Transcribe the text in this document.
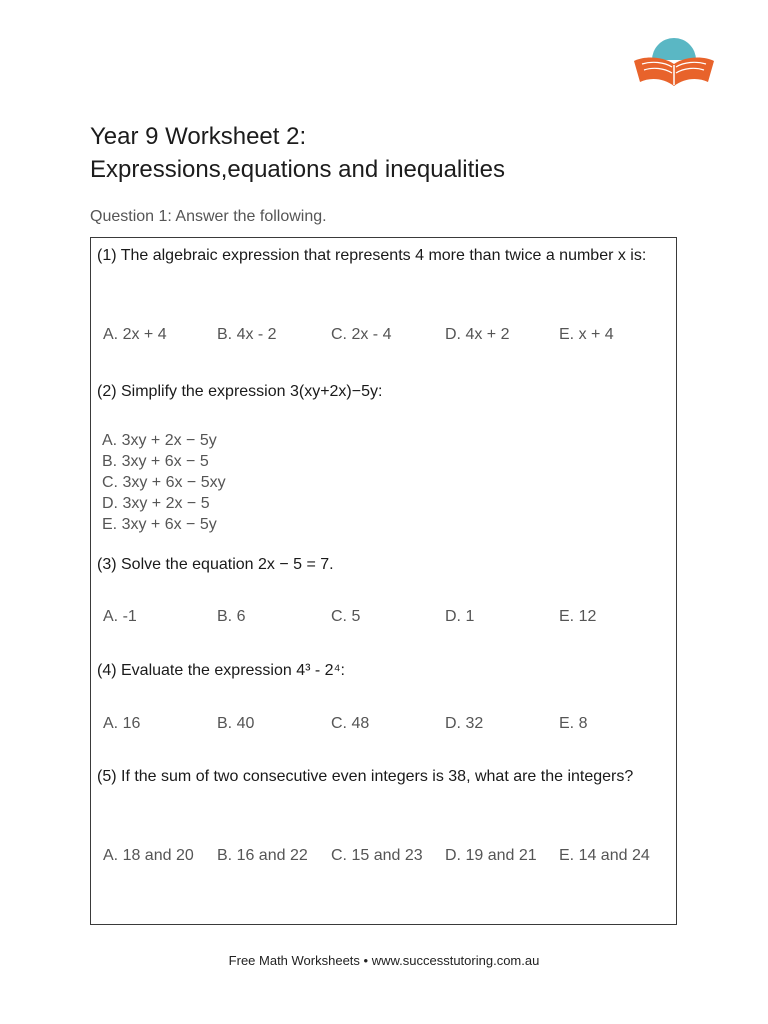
Year 9 Worksheet 2:
Expressions,equations and inequalities
Question 1: Answer the following.
(1) The algebraic expression that represents 4 more than twice a number x is:
A. 2x + 4	B. 4x - 2	C. 2x - 4	D. 4x + 2	E. x + 4
(2) Simplify the expression 3(xy+2x)−5y:
A. 3xy + 2x − 5y
B. 3xy + 6x − 5
C. 3xy + 6x − 5xy
D. 3xy + 2x − 5
E. 3xy + 6x − 5y
(3) Solve the equation 2x − 5 = 7.
A. -1	B. 6	C. 5	D. 1	E. 12
(4) Evaluate the expression 4³ - 2⁴:
A. 16	B. 40	C. 48	D. 32	E. 8
(5) If the sum of two consecutive even integers is 38, what are the integers?
A. 18 and 20 B. 16 and 22 C. 15 and 23 D. 19 and 21 E. 14 and 24
Free Math Worksheets • www.successtutoring.com.au
